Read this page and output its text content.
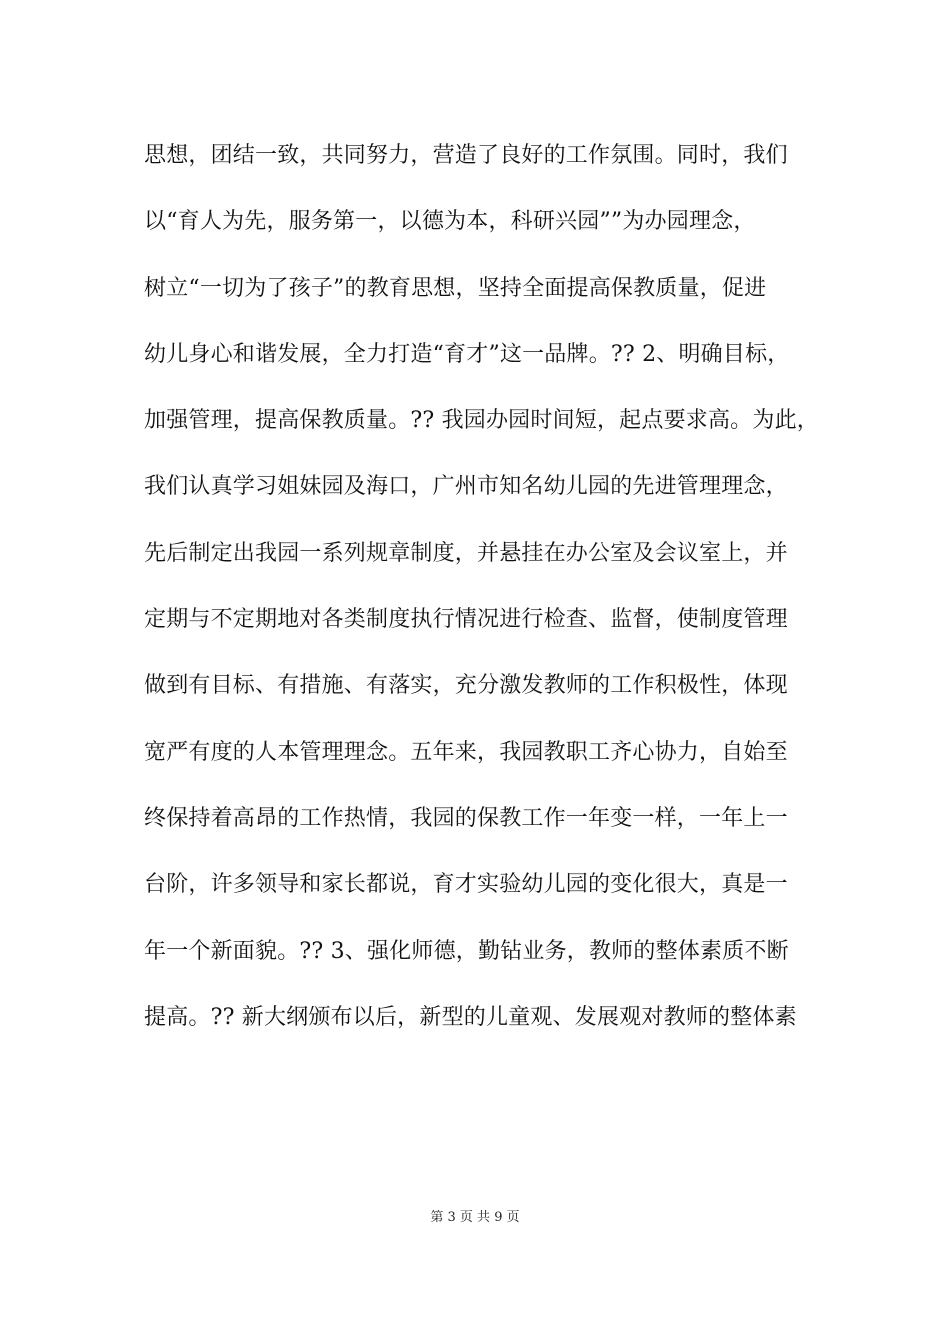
思想，团结一致，共同努力，营造了良好的工作氛围。同时，我们
以“育人为先，服务第一，以德为本，科研兴园””为办园理念，
树立“一切为了孩子”的教育思想，坚持全面提高保教质量，促进
幼儿身心和谐发展，全力打造“育才”这一品牌。?? 2、明确目标，
加强管理，提高保教质量。?? 我园办园时间短，起点要求高。为此，
我们认真学习姐妹园及海口，广州市知名幼儿园的先进管理理念，
先后制定出我园一系列规章制度，并悬挂在办公室及会议室上，并
定期与不定期地对各类制度执行情况进行检查、监督，使制度管理
做到有目标、有措施、有落实，充分激发教师的工作积极性，体现
宽严有度的人本管理理念。五年来，我园教职工齐心协力，自始至
终保持着高昂的工作热情，我园的保教工作一年变一样，一年上一
台阶，许多领导和家长都说，育才实验幼儿园的变化很大，真是一
年一个新面貌。?? 3、强化师德，勤钻业务，教师的整体素质不断
提高。?? 新大纲颁布以后，新型的儿童观、发展观对教师的整体素
第 3 页 共 9 页
